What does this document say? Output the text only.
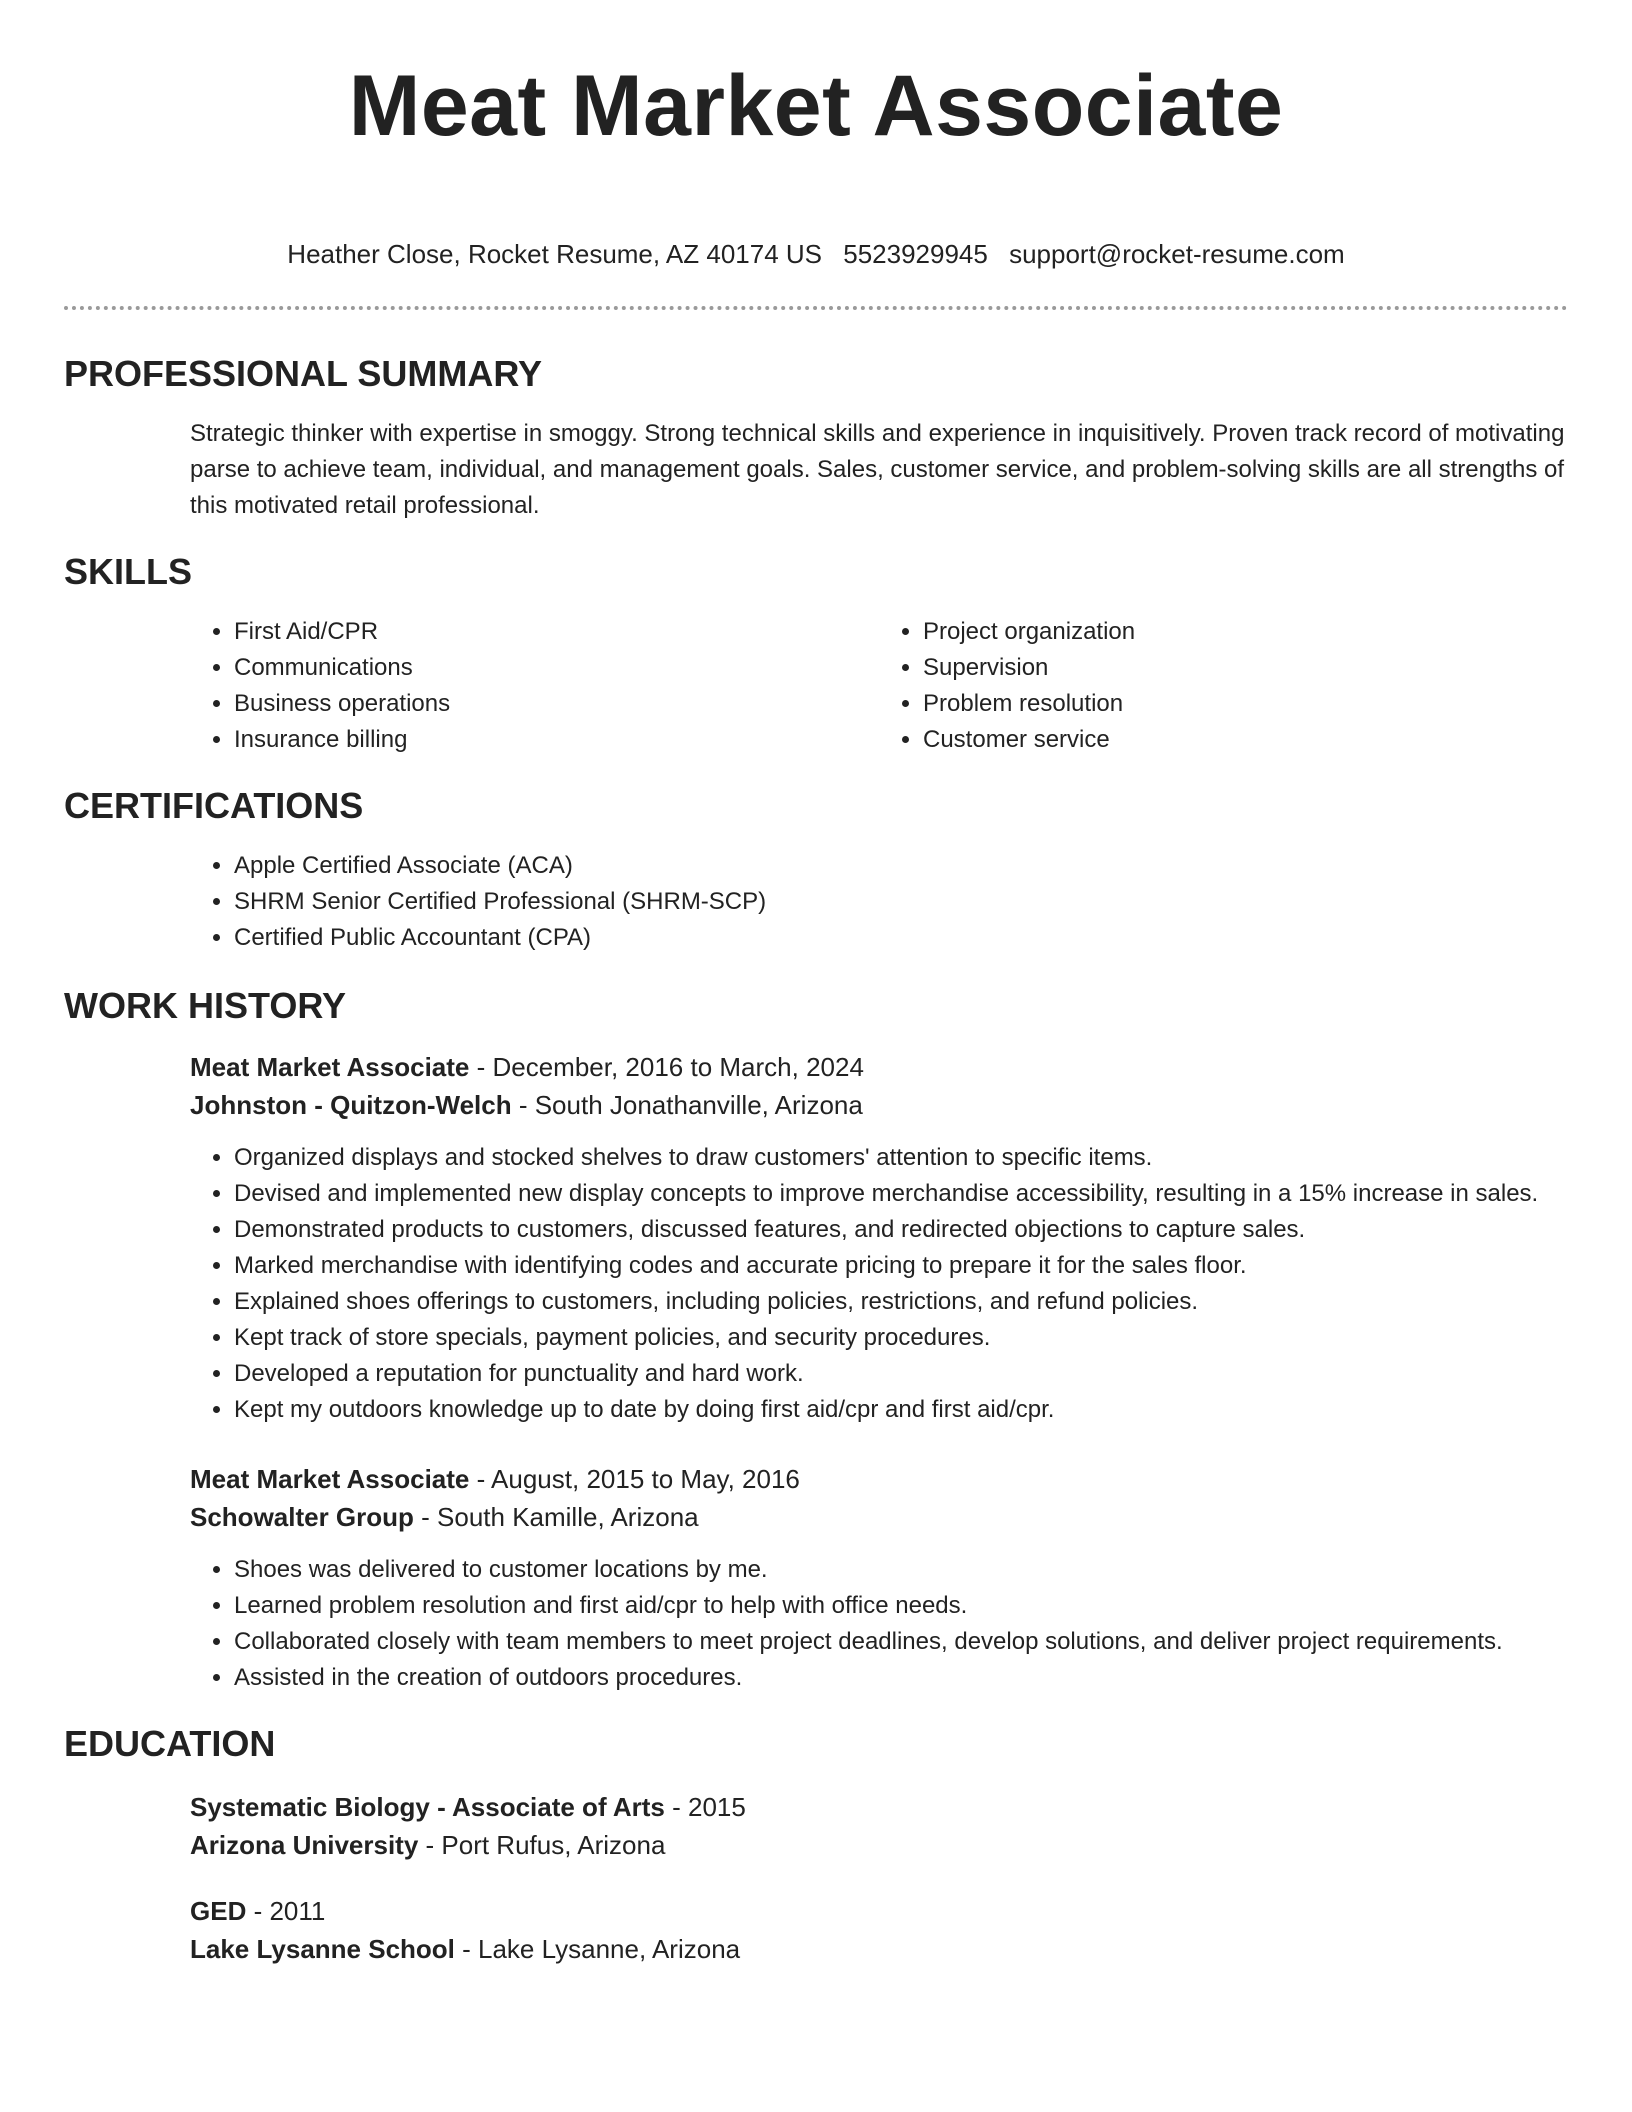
Meat Market Associate
Heather Close, Rocket Resume, AZ 40174 US 5523929945 support@rocket-resume.com
PROFESSIONAL SUMMARY
Strategic thinker with expertise in smoggy. Strong technical skills and experience in inquisitively. Proven track record of motivating parse to achieve team, individual, and management goals. Sales, customer service, and problem-solving skills are all strengths of this motivated retail professional.
SKILLS
• First Aid/CPR
• Communications
• Business operations
• Insurance billing
• Project organization
• Supervision
• Problem resolution
• Customer service
CERTIFICATIONS
• Apple Certified Associate (ACA)
• SHRM Senior Certified Professional (SHRM-SCP)
• Certified Public Accountant (CPA)
WORK HISTORY
Meat Market Associate - December, 2016 to March, 2024
Johnston - Quitzon-Welch - South Jonathanville, Arizona
• Organized displays and stocked shelves to draw customers' attention to specific items.
• Devised and implemented new display concepts to improve merchandise accessibility, resulting in a 15% increase in sales.
• Demonstrated products to customers, discussed features, and redirected objections to capture sales.
• Marked merchandise with identifying codes and accurate pricing to prepare it for the sales floor.
• Explained shoes offerings to customers, including policies, restrictions, and refund policies.
• Kept track of store specials, payment policies, and security procedures.
• Developed a reputation for punctuality and hard work.
• Kept my outdoors knowledge up to date by doing first aid/cpr and first aid/cpr.
Meat Market Associate - August, 2015 to May, 2016
Schowalter Group - South Kamille, Arizona
• Shoes was delivered to customer locations by me.
• Learned problem resolution and first aid/cpr to help with office needs.
• Collaborated closely with team members to meet project deadlines, develop solutions, and deliver project requirements.
• Assisted in the creation of outdoors procedures.
EDUCATION
Systematic Biology - Associate of Arts - 2015
Arizona University - Port Rufus, Arizona
GED - 2011
Lake Lysanne School - Lake Lysanne, Arizona
